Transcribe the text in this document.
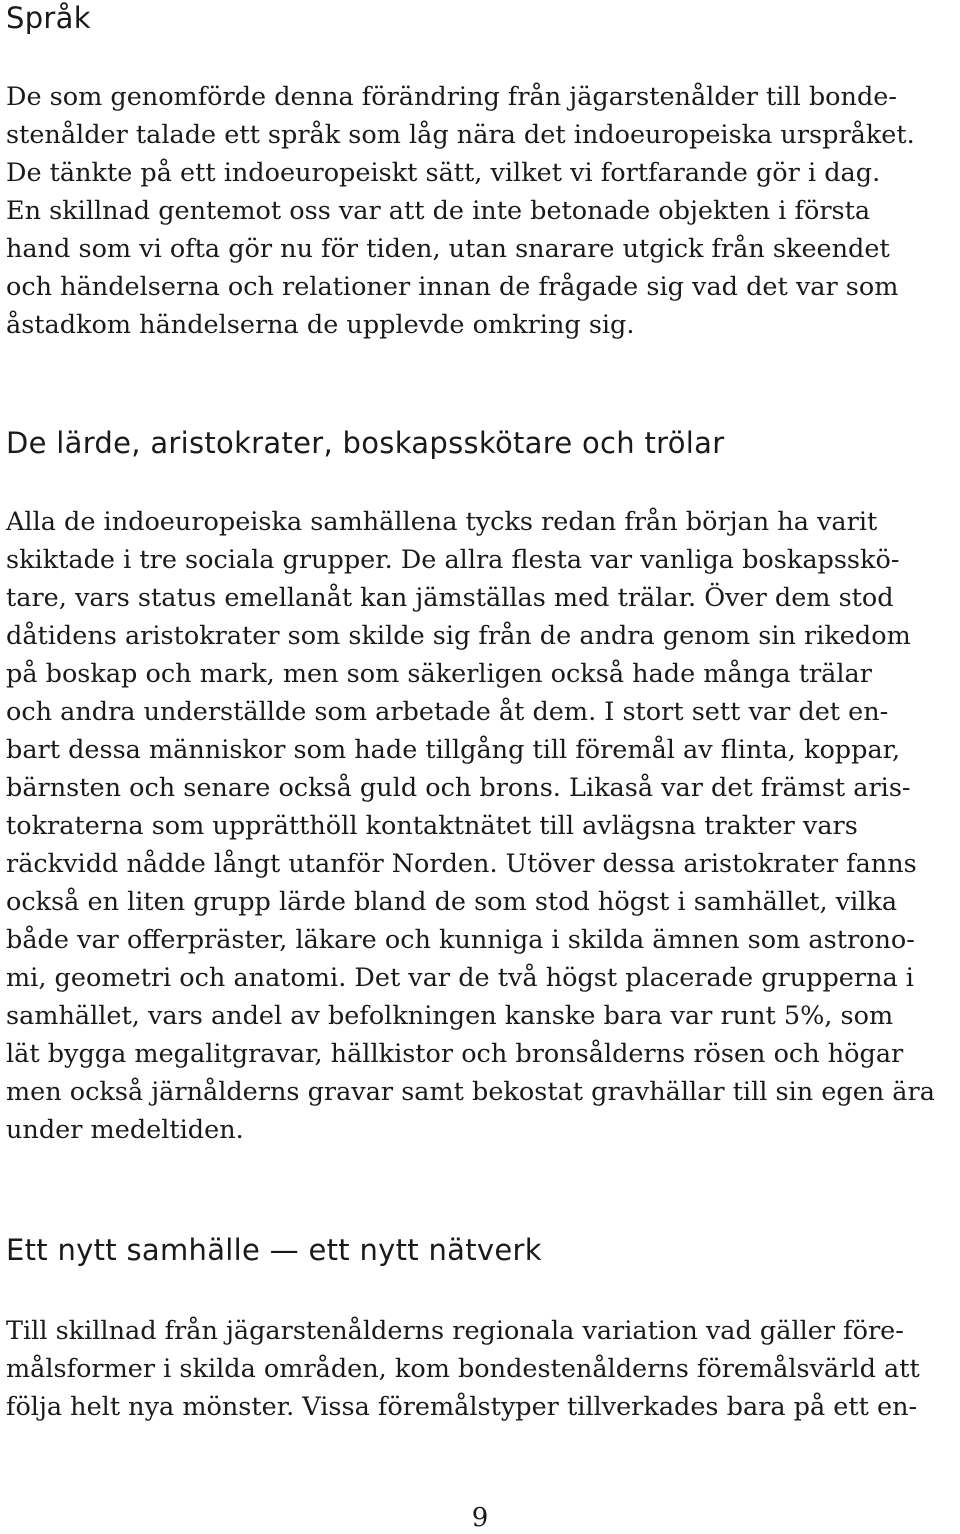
Språk

De som genomförde denna förändring från jägarstenålder till bonde-
stenålder talade ett språk som låg nära det indoeuropeiska urspråket.
De tänkte på ett indoeuropeiskt sätt, vilket vi fortfarande gör i dag.
En skillnad gentemot oss var att de inte betonade objekten i första
hand som vi ofta gör nu för tiden, utan snarare utgick från skeendet
och händelserna och relationer innan de frågade sig vad det var som
åstadkom händelserna de upplevde omkring sig.

De lärde, aristokrater, boskapsskötare och trölar

Alla de indoeuropeiska samhällena tycks redan från början ha varit
skiktade i tre sociala grupper. De allra flesta var vanliga boskapsskö-
tare, vars status emellanåt kan jämställas med trälar. Över dem stod
dåtidens aristokrater som skilde sig från de andra genom sin rikedom
på boskap och mark, men som säkerligen också hade många trälar
och andra underställde som arbetade åt dem. I stort sett var det en-
bart dessa människor som hade tillgång till föremål av flinta, koppar,
bärnsten och senare också guld och brons. Likaså var det främst aris-
tokraterna som upprätthöll kontaktnätet till avlägsna trakter vars
räckvidd nådde långt utanför Norden. Utöver dessa aristokrater fanns
också en liten grupp lärde bland de som stod högst i samhället, vilka
både var offerpräster, läkare och kunniga i skilda ämnen som astrono-
mi, geometri och anatomi. Det var de två högst placerade grupperna i
samhället, vars andel av befolkningen kanske bara var runt 5%, som
lät bygga megalitgravar, hällkistor och bronsålderns rösen och högar
men också järnålderns gravar samt bekostat gravhällar till sin egen ära
under medeltiden.

Ett nytt samhälle — ett nytt nätverk

Till skillnad från jägarstenålderns regionala variation vad gäller före-
målsformer i skilda områden, kom bondestenålderns föremålsvärld att
följa helt nya mönster. Vissa föremålstyper tillverkades bara på ett en-

9
